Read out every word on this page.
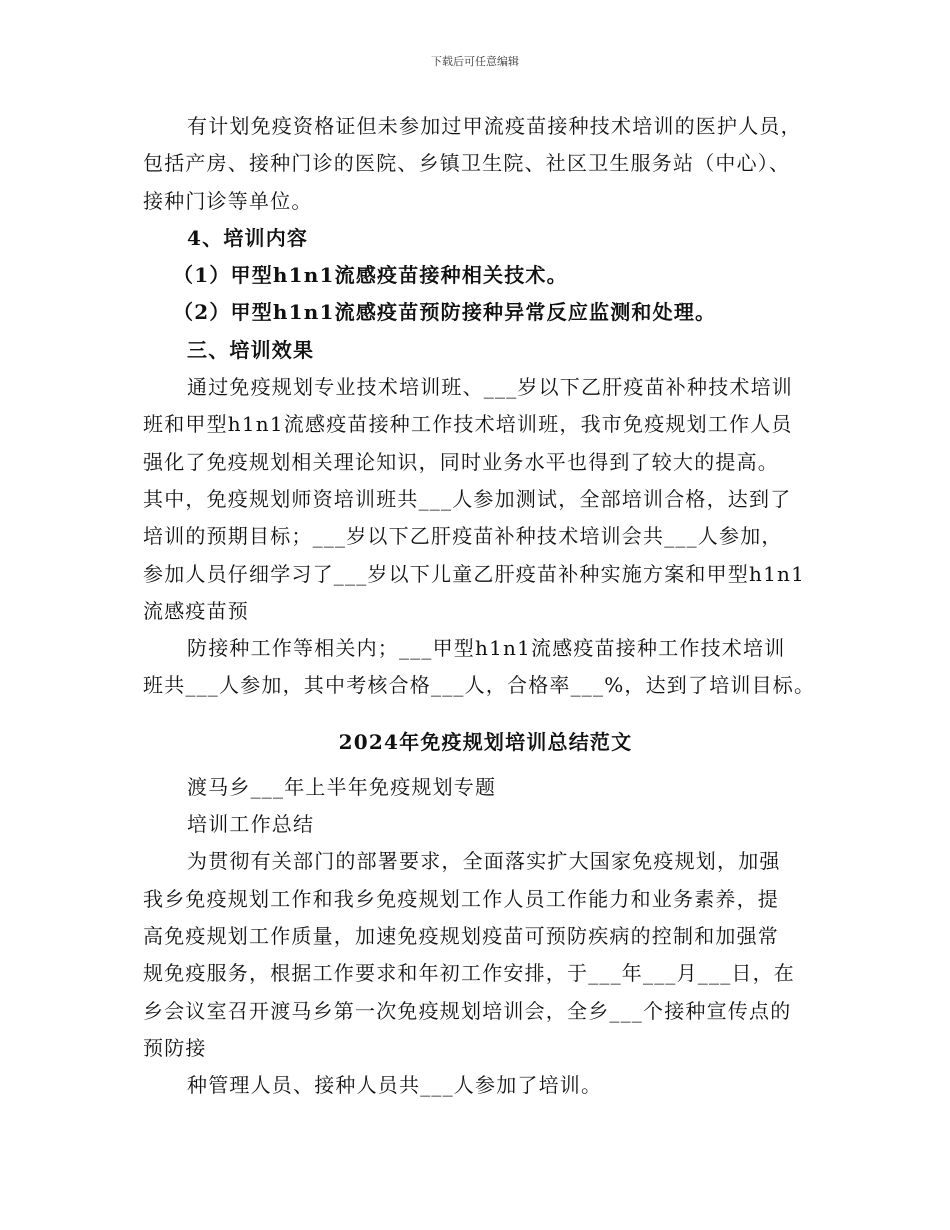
下载后可任意编辑
有计划免疫资格证但未参加过甲流疫苗接种技术培训的医护人员，
包括产房、接种门诊的医院、乡镇卫生院、社区卫生服务站（中心）、
接种门诊等单位。
4、培训内容
（1）甲型h1n1流感疫苗接种相关技术。
（2）甲型h1n1流感疫苗预防接种异常反应监测和处理。
三、培训效果
通过免疫规划专业技术培训班、___岁以下乙肝疫苗补种技术培训
班和甲型h1n1流感疫苗接种工作技术培训班，我市免疫规划工作人员
强化了免疫规划相关理论知识，同时业务水平也得到了较大的提高。
其中，免疫规划师资培训班共___人参加测试，全部培训合格，达到了
培训的预期目标；___岁以下乙肝疫苗补种技术培训会共___人参加，
参加人员仔细学习了___岁以下儿童乙肝疫苗补种实施方案和甲型h1n1
流感疫苗预
防接种工作等相关内；___甲型h1n1流感疫苗接种工作技术培训
班共___人参加，其中考核合格___人，合格率___%，达到了培训目标。
2024年免疫规划培训总结范文
渡马乡___年上半年免疫规划专题
培训工作总结
为贯彻有关部门的部署要求，全面落实扩大国家免疫规划，加强
我乡免疫规划工作和我乡免疫规划工作人员工作能力和业务素养，提
高免疫规划工作质量，加速免疫规划疫苗可预防疾病的控制和加强常
规免疫服务，根据工作要求和年初工作安排，于___年___月___日，在
乡会议室召开渡马乡第一次免疫规划培训会，全乡___个接种宣传点的
预防接
种管理人员、接种人员共___人参加了培训。
